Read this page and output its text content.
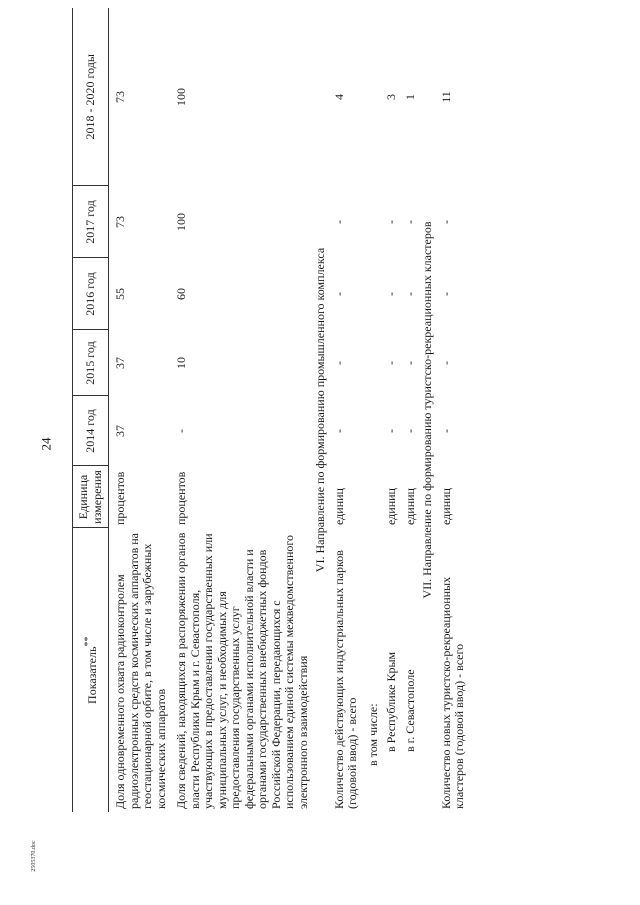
24
2505370.doc
Показатель**	Единица
измерения	2014 год	2015 год	2016 год	2017 год	2018 - 2020 годы

Доля одновременного охвата радиоконтролем радиоэлектронных средств космических аппаратов на геостационарной орбите, в том числе и зарубежных космических аппаратов	процентов	37	37	55	73	73

Доля сведений, находящихся в распоряжении органов власти Республики Крым и г. Севастополя, участвующих в предоставлении государственных или муниципальных услуг, и необходимых для предоставления государственных услуг федеральными органами исполнительной власти и органами государственных внебюджетных фондов Российской Федерации, передающихся с использованием единой системы межведомственного электронного взаимодействия	процентов	-	10	60	100	100
VI. Направление по формированию промышленного комплекса						
Количество действующих индустриальных парков (годовой ввод) - всего	единиц	-	-	-	-	4

в том числе:						
в Республике Крым	единиц	-	-	-	-	3
в г. Севастополе	единиц	-	-	-	-	1
VII. Направление по формированию туристско-рекреационных кластеров						
Количество новых туристско-рекреационных кластеров (годовой ввод) - всего	единиц	-	-	-	-	11
